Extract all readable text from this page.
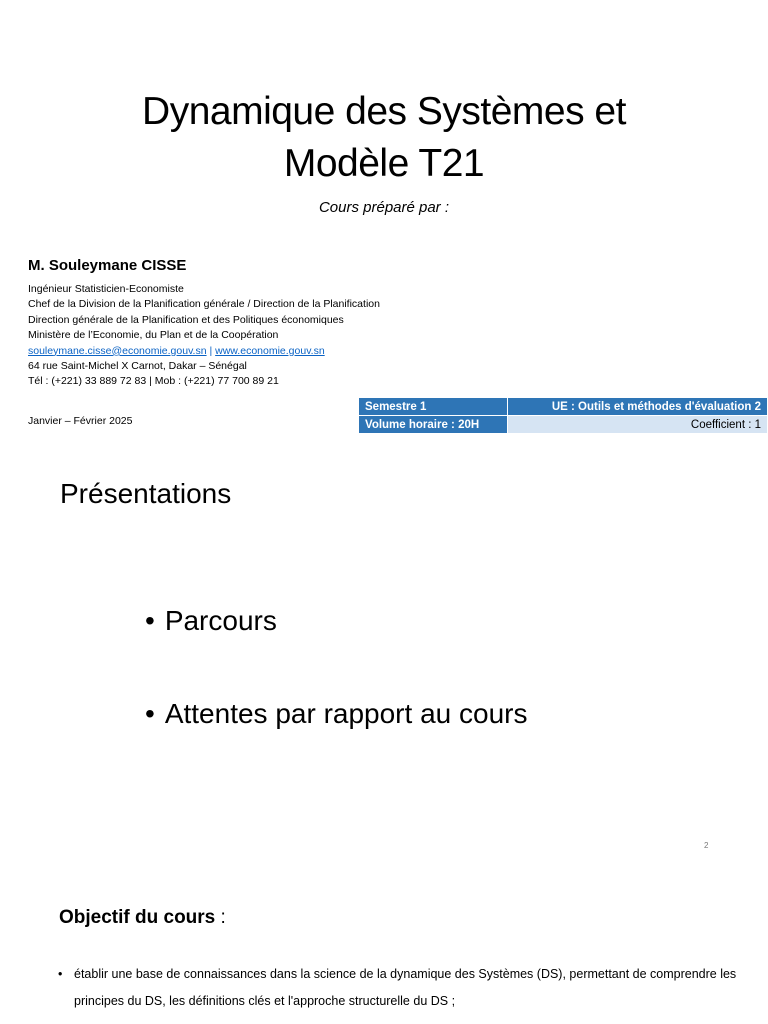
Dynamique des Systèmes et
Modèle T21
Cours préparé par :
M. Souleymane CISSE
Ingénieur Statisticien-Economiste
Chef de la Division de la Planification générale / Direction de la Planification
Direction générale de la Planification et des Politiques économiques
Ministère de l’Economie, du Plan et de la Coopération
souleymane.cisse@economie.gouv.sn | www.economie.gouv.sn
64 rue Saint-Michel X Carnot, Dakar – Sénégal
Tél : (+221) 33 889 72 83 | Mob : (+221) 77 700 89 21
Janvier – Février 2025
Semestre 1	UE : Outils et méthodes d'évaluation 2
Volume horaire : 20H	Coefficient : 1
Présentations
• Parcours
• Attentes par rapport au cours
2
Objectif du cours :
• établir une base de connaissances dans la science de la dynamique des Systèmes (DS), permettant de comprendre les principes du DS, les définitions clés et l'approche structurelle du DS ;
